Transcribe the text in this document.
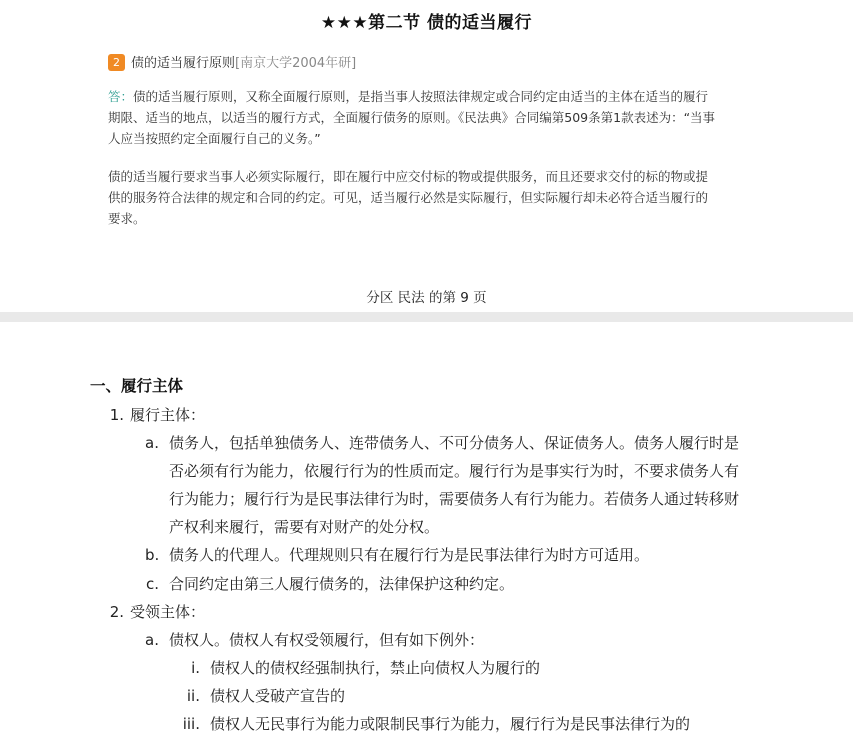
★★★第二节 债的适当履行
2 债的适当履行原则[南京大学2004年研]
答：债的适当履行原则，又称全面履行原则，是指当事人按照法律规定或合同约定由适当的主体在适当的履行
期限、适当的地点，以适当的履行方式，全面履行债务的原则。《民法典》合同编第509条第1款表述为：“当事
人应当按照约定全面履行自己的义务。”
债的适当履行要求当事人必须实际履行，即在履行中应交付标的物或提供服务，而且还要求交付的标的物或提
供的服务符合法律的规定和合同的约定。可见，适当履行必然是实际履行，但实际履行却未必符合适当履行的
要求。
分区 民法 的第 9 页
一、履行主体
1. 履行主体：
a. 债务人，包括单独债务人、连带债务人、不可分债务人、保证债务人。债务人履行时是
否必须有行为能力，依履行行为的性质而定。履行行为是事实行为时，不要求债务人有
行为能力；履行行为是民事法律行为时，需要债务人有行为能力。若债务人通过转移财
产权利来履行，需要有对财产的处分权。
b. 债务人的代理人。代理规则只有在履行行为是民事法律行为时方可适用。
c. 合同约定由第三人履行债务的，法律保护这种约定。
2. 受领主体：
a. 债权人。债权人有权受领履行，但有如下例外：
i. 债权人的债权经强制执行，禁止向债权人为履行的
ii. 债权人受破产宣告的
iii. 债权人无民事行为能力或限制民事行为能力，履行行为是民事法律行为的
